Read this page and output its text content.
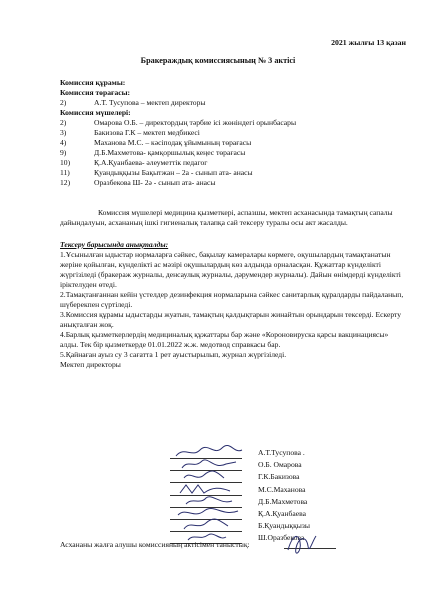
2021 жылғы 13 қазан
Бракераждық комиссиясының № 3 актісі
Комиссия құрамы:
Комиссия төрағасы:
2)	А.Т. Тусупова – мектеп директоры
Комиссия мүшелері:
2)	Омарова О.Б. – директордың тәрбие ісі жөніндегі орынбасары
3)	Бакизова Г.К – мектеп медбикесі
4)	Маханова М.С. – кәсіподақ ұйымының төрағасы
9)	Д.Б.Махметова- қамқоршылық кеңес төрағасы
10)	Қ.А.Қуанбаева- әлеуметтік педагог
11)	Қуандыққызы Бақытжан – 2а - сынып ата- анасы
12)	Оразбекова Ш- 2ә - сынып ата- анасы
Комиссия мүшелері медицина қызметкері, аспазшы, мектеп асханасында тамақтың сапалы дайындалуын, асхананың ішкі гигиеналық талапқа сай тексеру туралы осы акт жасалды.
Тексеру барысында анықталды:
1.Ұсынылған ыдыстар нормаларға сәйкес, бақылау камералары көрмеге, оқушылардың тамақтанатын жеріне қойылған, күнделікті ас мәзірі оқушылардың көз алдында орналасқан. Құжаттар күнделікті жүргізіледі (бракераж журналы, денсаулық журналы, дәрумендер журналы). Дайын өнімдерді күнделікті іріктелуден өтеді.
2.Тамақтанғаннан кейін үстелдер дезинфекция нормаларына сәйкес санитарлық құралдарды пайдаланып, шүберекпен сүртіледі.
3.Комиссия құрамы ыдыстарды жуатын, тамақтың қалдықтарын жинайтын орындарын тексерді. Ескерту анықталған жоқ.
4.Барлық қызметкерлердің медициналық құжаттары бар және «Короновируска қарсы вакцинациясы» алды. Тек бір қызметкерде 01.01.2022 ж.ж. медотвод справкасы бар.
5.Қайнаған ауыз су 3 сағатта 1 рет ауыстырылып, журнал жүргізіледі.
Мектеп директоры
А.Т.Тусупова .
О.Б. Омарова
Г.К.Бакизова
М.С.Маханова
Д.Б.Махметова
Қ.А.Қуанбаева
Б.Қуандыққызы
Ш.Оразбекова
Асхананы жалға алушы комиссияның актісімен таныстық:
